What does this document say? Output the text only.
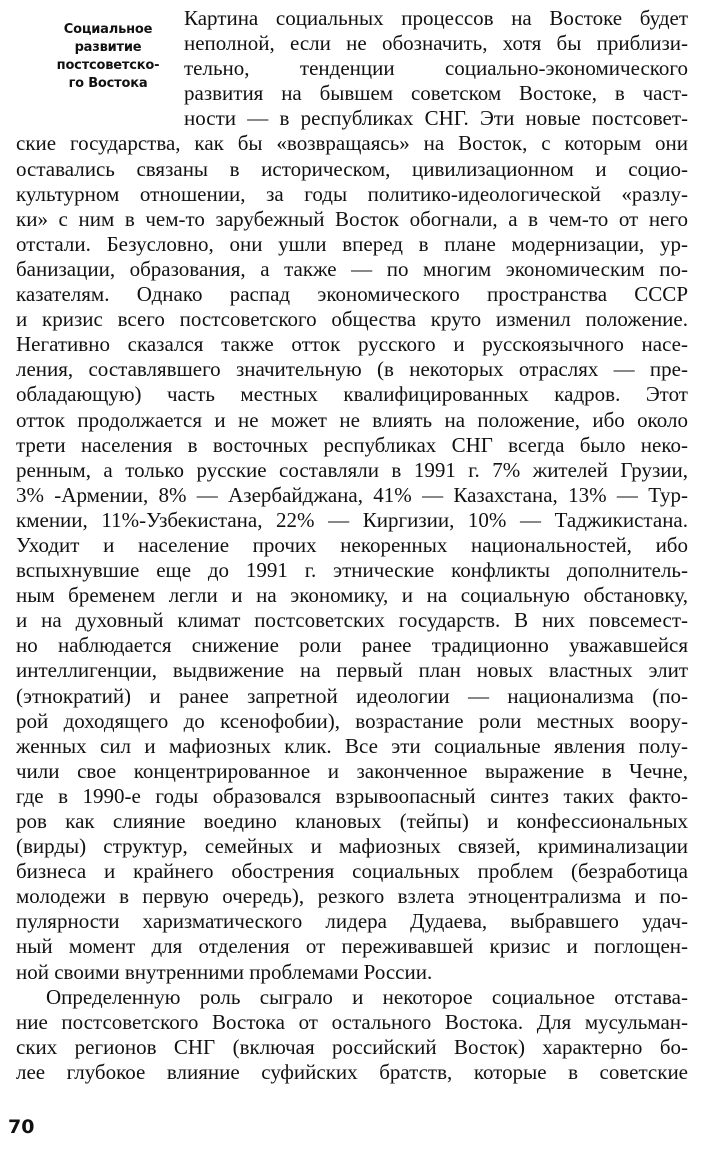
Социальное
развитие
постсоветско-
го Востока
Картина социальных процессов на Востоке будет
неполной, если не обозначить, хотя бы приблизи-
тельно, тенденции социально-экономического
развития на бывшем советском Востоке, в част-
ности — в республиках СНГ. Эти новые постсовет-
ские государства, как бы «возвращаясь» на Восток, с которым они
оставались связаны в историческом, цивилизационном и социо-
культурном отношении, за годы политико-идеологической «разлу-
ки» с ним в чем-то зарубежный Восток обогнали, а в чем-то от него
отстали. Безусловно, они ушли вперед в плане модернизации, ур-
банизации, образования, а также — по многим экономическим по-
казателям. Однако распад экономического пространства СССР
и кризис всего постсоветского общества круто изменил положение.
Негативно сказался также отток русского и русскоязычного насе-
ления, составлявшего значительную (в некоторых отраслях — пре-
обладающую) часть местных квалифицированных кадров. Этот
отток продолжается и не может не влиять на положение, ибо около
трети населения в восточных республиках СНГ всегда было неко-
ренным, а только русские составляли в 1991 г. 7% жителей Грузии,
3% -Армении, 8% — Азербайджана, 41% — Казахстана, 13% — Тур-
кмении, 11%-Узбекистана, 22% — Киргизии, 10% — Таджикистана.
Уходит и население прочих некоренных национальностей, ибо
вспыхнувшие еще до 1991 г. этнические конфликты дополнитель-
ным бременем легли и на экономику, и на социальную обстановку,
и на духовный климат постсоветских государств. В них повсемест-
но наблюдается снижение роли ранее традиционно уважавшейся
интеллигенции, выдвижение на первый план новых властных элит
(этнократий) и ранее запретной идеологии — национализма (по-
рой доходящего до ксенофобии), возрастание роли местных воору-
женных сил и мафиозных клик. Все эти социальные явления полу-
чили свое концентрированное и законченное выражение в Чечне,
где в 1990-е годы образовался взрывоопасный синтез таких факто-
ров как слияние воедино клановых (тейпы) и конфессиональных
(вирды) структур, семейных и мафиозных связей, криминализации
бизнеса и крайнего обострения социальных проблем (безработица
молодежи в первую очередь), резкого взлета этноцентрализма и по-
пулярности харизматического лидера Дудаева, выбравшего удач-
ный момент для отделения от переживавшей кризис и поглощен-
ной своими внутренними проблемами России.
Определенную роль сыграло и некоторое социальное отстава-
ние постсоветского Востока от остального Востока. Для мусульман-
ских регионов СНГ (включая российский Восток) характерно бо-
лее глубокое влияние суфийских братств, которые в советские
70
